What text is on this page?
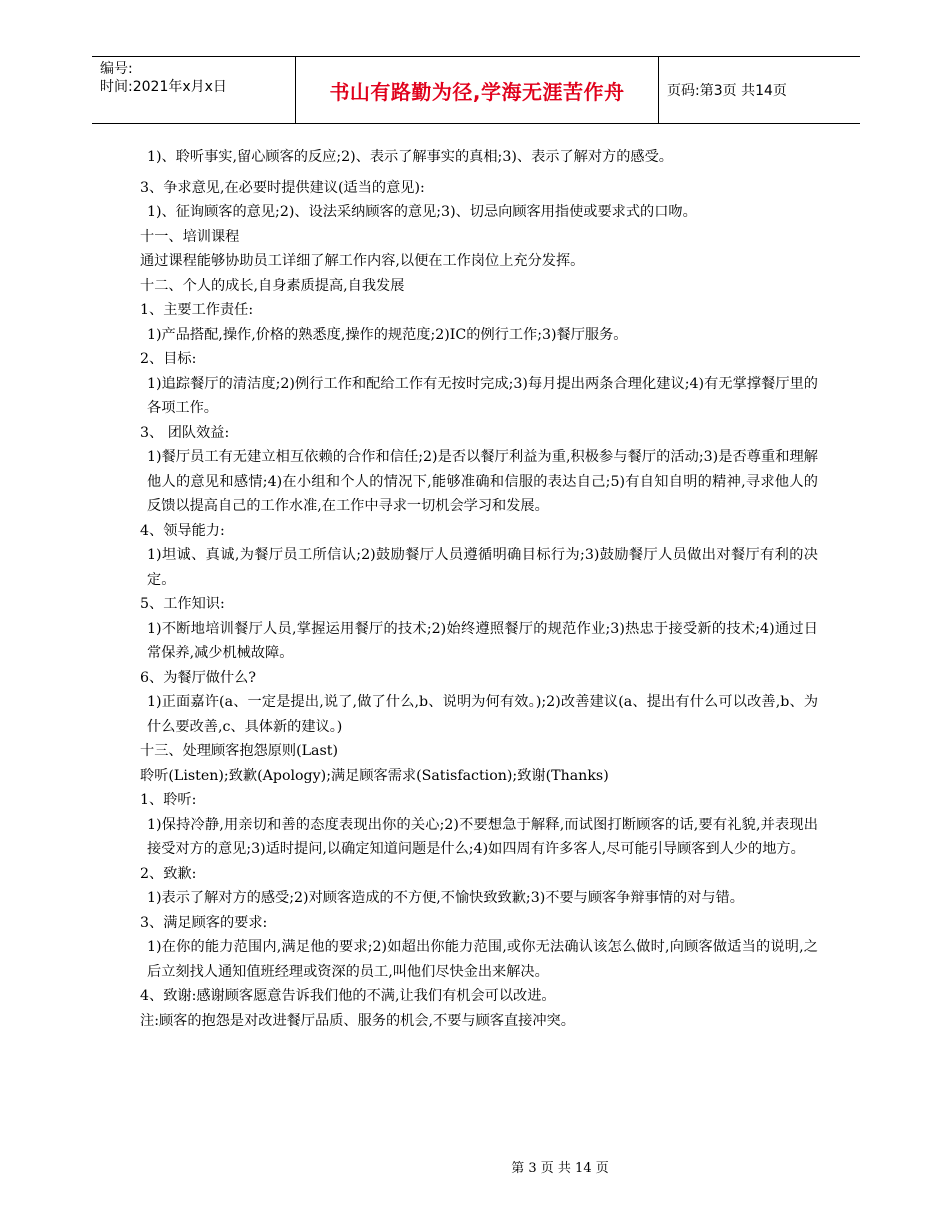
编号:
时间:2021年x月x日	书山有路勤为径,学海无涯苦作舟	页码:第3页 共14页

1)、聆听事实,留心顾客的反应;2)、表示了解事实的真相;3)、表示了解对方的感受。

3、争求意见,在必要时提供建议(适当的意见):

1)、征询顾客的意见;2)、设法采纳顾客的意见;3)、切忌向顾客用指使或要求式的口吻。

十一、培训课程

通过课程能够协助员工详细了解工作内容,以便在工作岗位上充分发挥。

十二、个人的成长,自身素质提高,自我发展

1、主要工作责任:

1)产品搭配,操作,价格的熟悉度,操作的规范度;2)IC的例行工作;3)餐厅服务。

2、目标:

1)追踪餐厅的清洁度;2)例行工作和配给工作有无按时完成;3)每月提出两条合理化建议;4)有无掌撑餐厅里的各项工作。

3、 团队效益:

1)餐厅员工有无建立相互依赖的合作和信任;2)是否以餐厅利益为重,积极参与餐厅的活动;3)是否尊重和理解他人的意见和感情;4)在小组和个人的情况下,能够准确和信服的表达自己;5)有自知自明的精神,寻求他人的反馈以提高自己的工作水准,在工作中寻求一切机会学习和发展。

4、领导能力:

1)坦诚、真诚,为餐厅员工所信认;2)鼓励餐厅人员遵循明确目标行为;3)鼓励餐厅人员做出对餐厅有利的决定。

5、工作知识:

1)不断地培训餐厅人员,掌握运用餐厅的技术;2)始终遵照餐厅的规范作业;3)热忠于接受新的技术;4)通过日常保养,减少机械故障。

6、为餐厅做什么?

1)正面嘉许(a、一定是提出,说了,做了什么,b、说明为何有效。);2)改善建议(a、提出有什么可以改善,b、为什么要改善,c、具体新的建议。)

十三、处理顾客抱怨原则(Last)

聆听(Listen);致歉(Apology);满足顾客需求(Satisfaction);致谢(Thanks)

1、聆听:

1)保持冷静,用亲切和善的态度表现出你的关心;2)不要想急于解释,而试图打断顾客的话,要有礼貌,并表现出接受对方的意见;3)适时提问,以确定知道问题是什么;4)如四周有许多客人,尽可能引导顾客到人少的地方。

2、致歉:

1)表示了解对方的感受;2)对顾客造成的不方便,不愉快致致歉;3)不要与顾客争辩事情的对与错。

3、满足顾客的要求:

1)在你的能力范围内,满足他的要求;2)如超出你能力范围,或你无法确认该怎么做时,向顾客做适当的说明,之后立刻找人通知值班经理或资深的员工,叫他们尽快金出来解决。

4、致谢:感谢顾客愿意告诉我们他的不满,让我们有机会可以改进。

注:顾客的抱怨是对改进餐厅品质、服务的机会,不要与顾客直接冲突。

第 3 页 共 14 页
